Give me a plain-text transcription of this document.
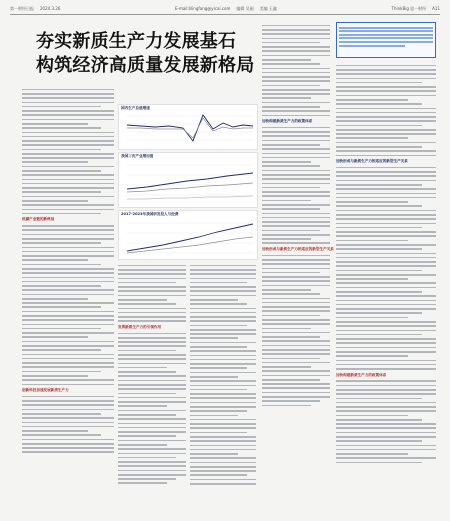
第一财经日报 2024.3.26	E-mail:lilingfang@yicai.com 编辑 吴丽 美编 王鑫	ThinkBig 思一财经 A11
夯实新质生产力发展基石
构筑经济高质量发展新格局
低碳产业链的新格局
创新科技加速发展新质生产力
国内生产总值增速
我国三次产业增加值
2017-2023年我国研发投入与经费
发挥新质生产力的引领作用
加快构建新质生产力的政策体系
加快形成与新质生产力相适应的新型生产关系
加快形成与新质生产力相适应的新型生产关系
加快构建新质生产力的政策体系
